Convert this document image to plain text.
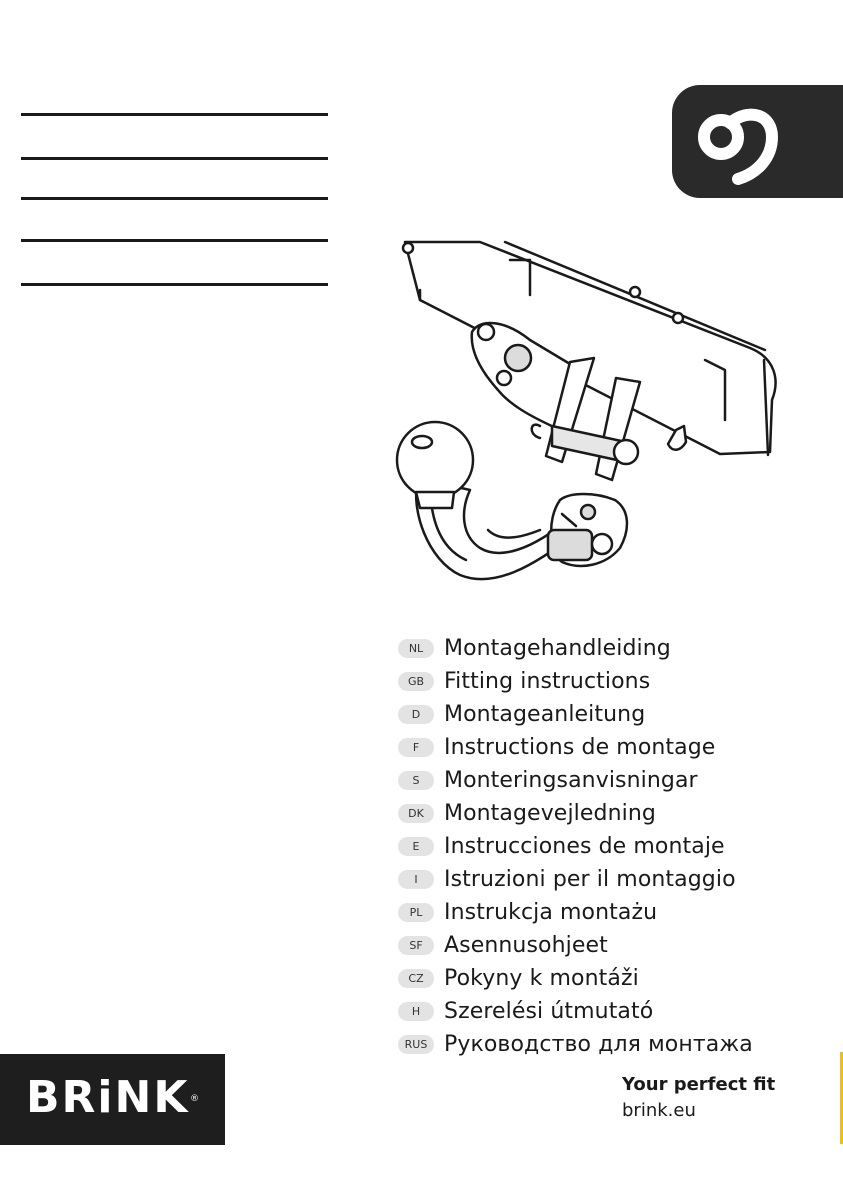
NL Montagehandleiding
GB Fitting instructions
D	Montageanleitung
F	Instructions de montage
S	Monteringsanvisningar
DK Montagevejledning
E	Instrucciones de montaje
I	Istruzioni per il montaggio
PL Instrukcja montażu
SF Asennusohjeet
CZ Pokyny k montáži
H	Szerelési útmutató
RUS Руководство для монтажа
BRiNK ®
Your perfect fit
brink.eu
